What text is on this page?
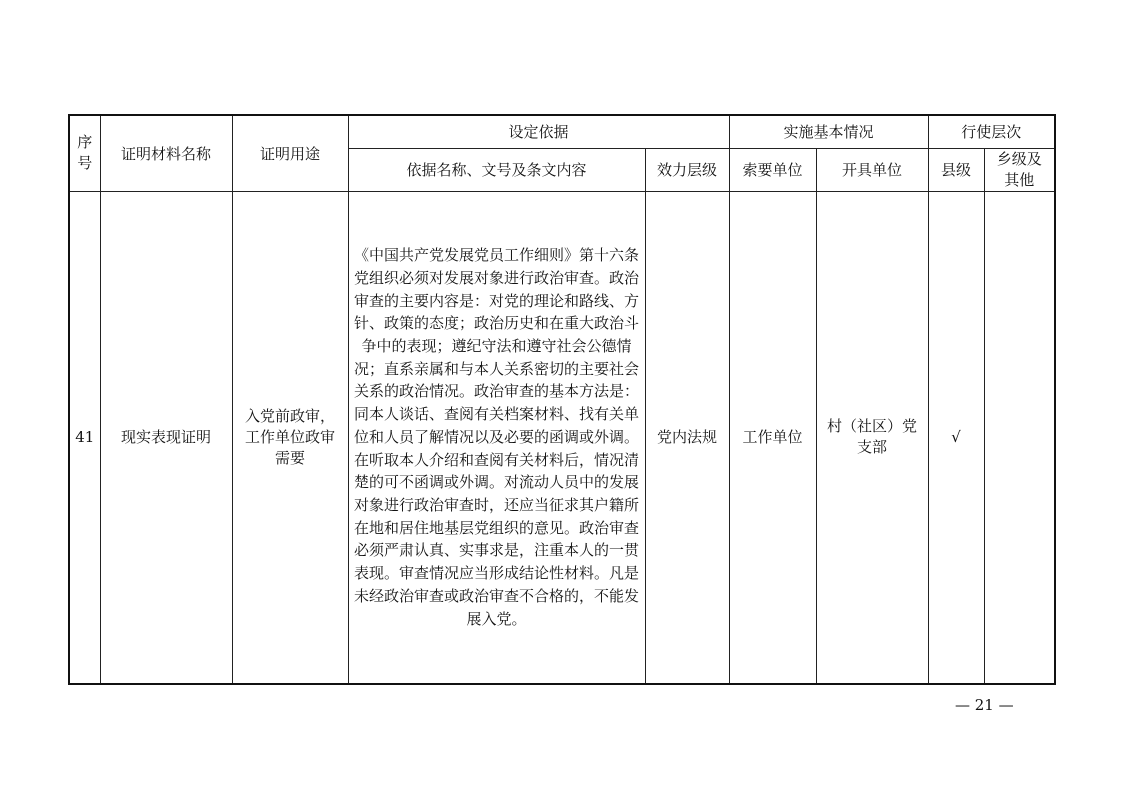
序号	证明材料名称	证明用途	设定依据		实施基本情况		行使层次	
			依据名称、文号及条文内容	效力层级	索要单位	开具单位	县级	乡级及其他
41	现实表现证明	入党前政审，工作单位政审需要	《中国共产党发展党员工作细则》第十六条 党组织必须对发展对象进行政治审查。政治审查的主要内容是：对党的理论和路线、方针、政策的态度；政治历史和在重大政治斗争中的表现；遵纪守法和遵守社会公德情况；直系亲属和与本人关系密切的主要社会关系的政治情况。政治审查的基本方法是：同本人谈话、查阅有关档案材料、找有关单位和人员了解情况以及必要的函调或外调。在听取本人介绍和查阅有关材料后，情况清楚的可不函调或外调。对流动人员中的发展对象进行政治审查时，还应当征求其户籍所在地和居住地基层党组织的意见。政治审查必须严肃认真、实事求是，注重本人的一贯表现。审查情况应当形成结论性材料。凡是未经政治审查或政治审查不合格的，不能发展入党。	党内法规	工作单位	村（社区）党支部	√	
— 21 —
